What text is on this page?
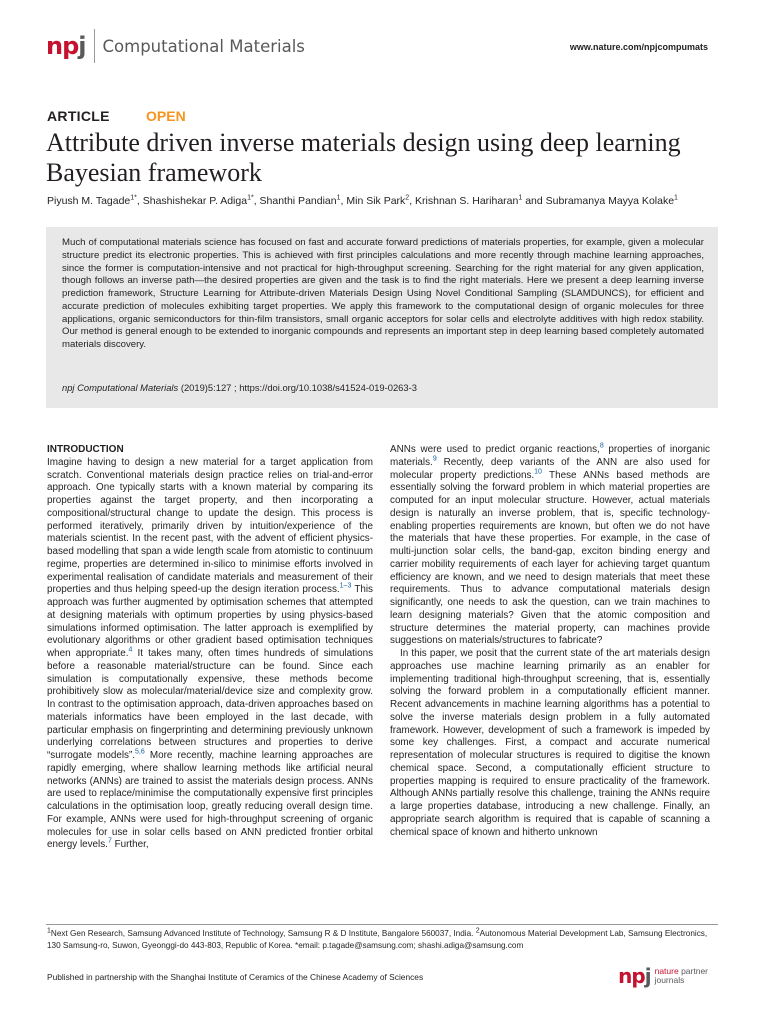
npj Computational Materials	www.nature.com/npjcompumats
ARTICLE	OPEN
Attribute driven inverse materials design using deep learning Bayesian framework
Piyush M. Tagade$^{1*}$, Shashishekar P. Adiga$^{1*}$, Shanthi Pandian$^1$, Min Sik Park$^2$, Krishnan S. Hariharan$^1$ and Subramanya Mayya Kolake$^1$
Much of computational materials science has focused on fast and accurate forward predictions of materials properties, for example, given a molecular structure predict its electronic properties. This is achieved with first principles calculations and more recently through machine learning approaches, since the former is computation-intensive and not practical for high-throughput screening. Searching for the right material for any given application, though follows an inverse path—the desired properties are given and the task is to find the right materials. Here we present a deep learning inverse prediction framework, Structure Learning for Attribute-driven Materials Design Using Novel Conditional Sampling (SLAMDUNCS), for efficient and accurate prediction of molecules exhibiting target properties. We apply this framework to the computational design of organic molecules for three applications, organic semiconductors for thin-film transistors, small organic acceptors for solar cells and electrolyte additives with high redox stability. Our method is general enough to be extended to inorganic compounds and represents an important step in deep learning based completely automated materials discovery.
npj Computational Materials (2019)5:127 ; https://doi.org/10.1038/s41524-019-0263-3

INTRODUCTION

Imagine having to design a new material for a target application from scratch. Conventional materials design practice relies on trial-and-error approach. One typically starts with a known material by comparing its properties against the target property, and then incorporating a compositional/structural change to update the design. This process is performed iteratively, primarily driven by intuition/experience of the materials scientist. In the recent past, with the advent of efficient physics-based modelling that span a wide length scale from atomistic to continuum regime, properties are determined in-silico to minimise efforts involved in experimental realisation of candidate materials and measurement of their properties and thus helping speed-up the design iteration process.$^{1-3}$ This approach was further augmented by optimisation schemes that attempted at designing materials with optimum properties by using physics-based simulations informed optimisation. The latter approach is exemplified by evolutionary algorithms or other gradient based optimisation techniques when appropriate.$^4$ It takes many, often times hundreds of simulations before a reasonable material/structure can be found. Since each simulation is computationally expensive, these methods become prohibitively slow as molecular/material/device size and complexity grow. In contrast to the optimisation approach, data-driven approaches based on materials informatics have been employed in the last decade, with particular emphasis on fingerprinting and determining previously unknown underlying correlations between structures and properties to derive “surrogate models”.$^{5,6}$ More recently, machine learning approaches are rapidly emerging, where shallow learning methods like artificial neural networks (ANNs) are trained to assist the materials design process. ANNs are used to replace/minimise the computationally expensive first principles calculations in the optimisation loop, greatly reducing overall design time. For example, ANNs were used for high-throughput screening of organic molecules for use in solar cells based on ANN predicted frontier orbital energy levels.$^7$ Further,

ANNs were used to predict organic reactions,$^8$ properties of inorganic materials.$^9$ Recently, deep variants of the ANN are also used for molecular property predictions.$^{10}$ These ANNs based methods are essentially solving the forward problem in which material properties are computed for an input molecular structure. However, actual materials design is naturally an inverse problem, that is, specific technology-enabling properties requirements are known, but often we do not have the materials that have these properties. For example, in the case of multi-junction solar cells, the band-gap, exciton binding energy and carrier mobility requirements of each layer for achieving target quantum efficiency are known, and we need to design materials that meet these requirements. Thus to advance computational materials design significantly, one needs to ask the question, can we train machines to learn designing materials? Given that the atomic composition and structure determines the material property, can machines provide suggestions on materials/structures to fabricate?

In this paper, we posit that the current state of the art materials design approaches use machine learning primarily as an enabler for implementing traditional high-throughput screening, that is, essentially solving the forward problem in a computationally efficient manner. Recent advancements in machine learning algorithms has a potential to solve the inverse materials design problem in a fully automated framework. However, development of such a framework is impeded by some key challenges. First, a compact and accurate numerical representation of molecular structures is required to digitise the known chemical space. Second, a computationally efficient structure to properties mapping is required to ensure practicality of the framework. Although ANNs partially resolve this challenge, training the ANNs require a large properties database, introducing a new challenge. Finally, an appropriate search algorithm is required that is capable of scanning a chemical space of known and hitherto unknown

$^1$Next Gen Research, Samsung Advanced Institute of Technology, Samsung R & D Institute, Bangalore 560037, India. $^2$Autonomous Material Development Lab, Samsung Electronics, 130 Samsung-ro, Suwon, Gyeonggi-do 443-803, Republic of Korea. *email: p.tagade@samsung.com; shashi.adiga@samsung.com
Published in partnership with the Shanghai Institute of Ceramics of the Chinese Academy of Sciences	npj nature partner
journals
